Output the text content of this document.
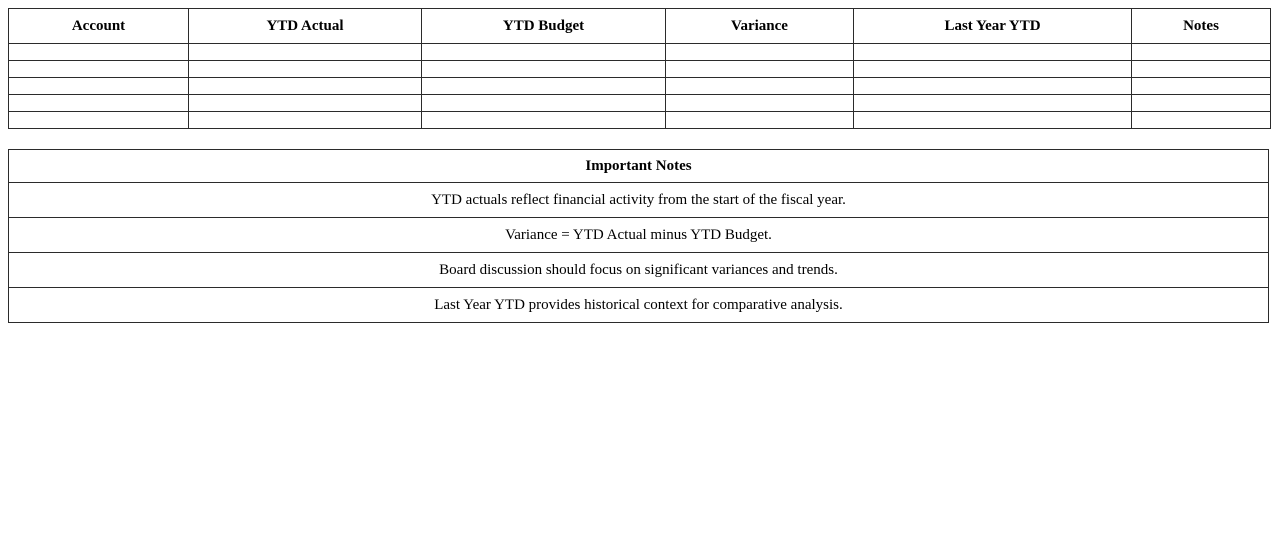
Account	YTD Actual	YTD Budget	Variance	Last Year YTD	Notes

Important Notes
YTD actuals reflect financial activity from the start of the fiscal year.
Variance = YTD Actual minus YTD Budget.
Board discussion should focus on significant variances and trends.
Last Year YTD provides historical context for comparative analysis.
